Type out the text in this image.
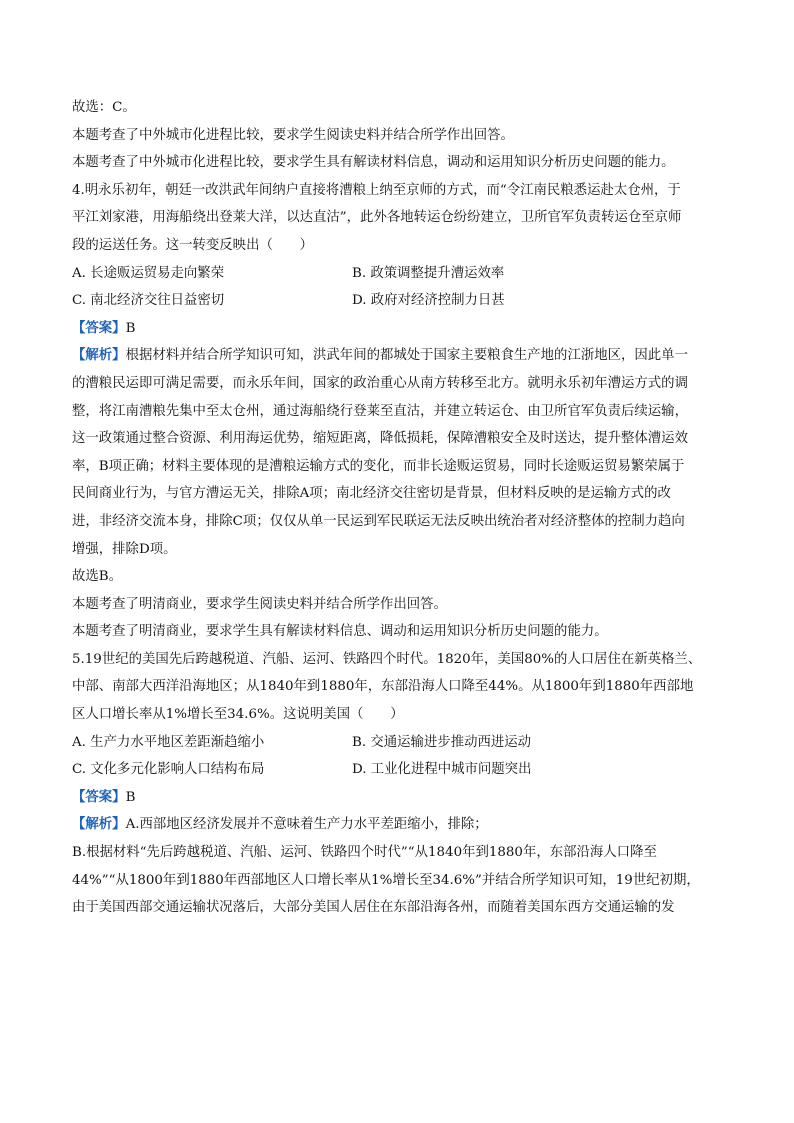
故选：C。
本题考查了中外城市化进程比较，要求学生阅读史料并结合所学作出回答。
本题考查了中外城市化进程比较，要求学生具有解读材料信息，调动和运用知识分析历史问题的能力。
4.明永乐初年，朝廷一改洪武年间纳户直接将漕粮上纳至京师的方式，而“令江南民粮悉运赴太仓州，于
平江刘家港，用海船绕出登莱大洋，以达直沽”，此外各地转运仓纷纷建立，卫所官军负责转运仓至京师
段的运送任务。这一转变反映出（　　）
A. 长途贩运贸易走向繁荣	B. 政策调整提升漕运效率
C. 南北经济交往日益密切	D. 政府对经济控制力日甚
【答案】B
【解析】根据材料并结合所学知识可知，洪武年间的都城处于国家主要粮食生产地的江浙地区，因此单一
的漕粮民运即可满足需要，而永乐年间，国家的政治重心从南方转移至北方。就明永乐初年漕运方式的调
整，将江南漕粮先集中至太仓州，通过海船绕行登莱至直沽，并建立转运仓、由卫所官军负责后续运输，
这一政策通过整合资源、利用海运优势，缩短距离，降低损耗，保障漕粮安全及时送达，提升整体漕运效
率，B项正确；材料主要体现的是漕粮运输方式的变化，而非长途贩运贸易，同时长途贩运贸易繁荣属于
民间商业行为，与官方漕运无关，排除A项；南北经济交往密切是背景，但材料反映的是运输方式的改
进，非经济交流本身，排除C项；仅仅从单一民运到军民联运无法反映出统治者对经济整体的控制力趋向
增强，排除D项。
故选B。
本题考查了明清商业，要求学生阅读史料并结合所学作出回答。
本题考查了明清商业，要求学生具有解读材料信息、调动和运用知识分析历史问题的能力。
5.19世纪的美国先后跨越税道、汽船、运河、铁路四个时代。1820年，美国80%的人口居住在新英格兰、
中部、南部大西洋沿海地区；从1840年到1880年，东部沿海人口降至44%。从1800年到1880年西部地
区人口增长率从1%增长至34.6%。这说明美国（　　）
A. 生产力水平地区差距渐趋缩小	B. 交通运输进步推动西进运动
C. 文化多元化影响人口结构布局	D. 工业化进程中城市问题突出
【答案】B
【解析】A.西部地区经济发展并不意味着生产力水平差距缩小，排除；
B.根据材料“先后跨越税道、汽船、运河、铁路四个时代”“从1840年到1880年，东部沿海人口降至
44%”“从1800年到1880年西部地区人口增长率从1%增长至34.6%”并结合所学知识可知，19世纪初期，
由于美国西部交通运输状况落后，大部分美国人居住在东部沿海各州，而随着美国东西方交通运输的发
